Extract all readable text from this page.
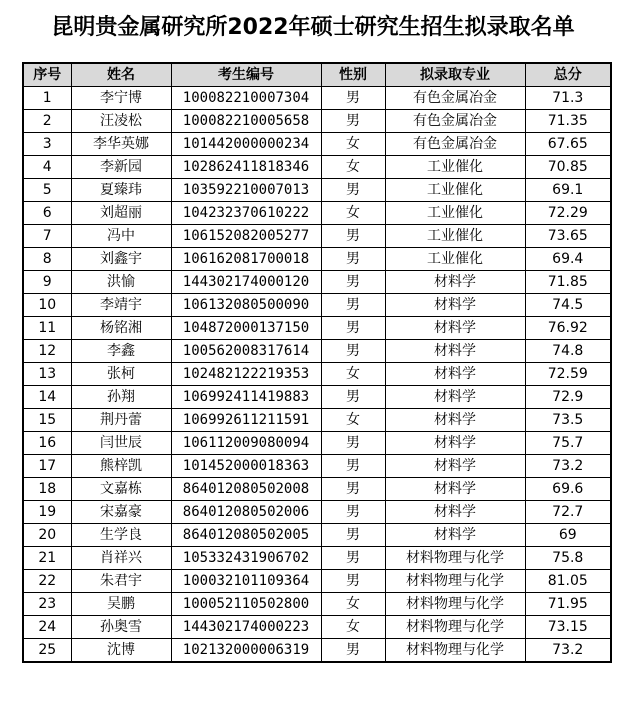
昆明贵金属研究所2022年硕士研究生招生拟录取名单
序号	姓名	考生编号	性别	拟录取专业	总分
1	李宁博	100082210007304	男	有色金属冶金	71.3
2	汪凌松	100082210005658	男	有色金属冶金	71.35
3	李华英娜	101442000000234	女	有色金属冶金	67.65
4	李新园	102862411818346	女	工业催化	70.85
5	夏臻玮	103592210007013	男	工业催化	69.1
6	刘超丽	104232370610222	女	工业催化	72.29
7	冯中	106152082005277	男	工业催化	73.65
8	刘鑫宇	106162081700018	男	工业催化	69.4
9	洪愉	144302174000120	男	材料学	71.85
10	李靖宇	106132080500090	男	材料学	74.5
11	杨铭湘	104872000137150	男	材料学	76.92
12	李鑫	100562008317614	男	材料学	74.8
13	张柯	102482122219353	女	材料学	72.59
14	孙翔	106992411419883	男	材料学	72.9
15	荆丹蕾	106992611211591	女	材料学	73.5
16	闫世辰	106112009080094	男	材料学	75.7
17	熊梓凯	101452000018363	男	材料学	73.2
18	文嘉栋	864012080502008	男	材料学	69.6
19	宋嘉豪	864012080502006	男	材料学	72.7
20	生学良	864012080502005	男	材料学	69
21	肖祥兴	105332431906702	男	材料物理与化学	75.8
22	朱君宇	100032101109364	男	材料物理与化学	81.05
23	吴鹏	100052110502800	女	材料物理与化学	71.95
24	孙奥雪	144302174000223	女	材料物理与化学	73.15
25	沈博	102132000006319	男	材料物理与化学	73.2
